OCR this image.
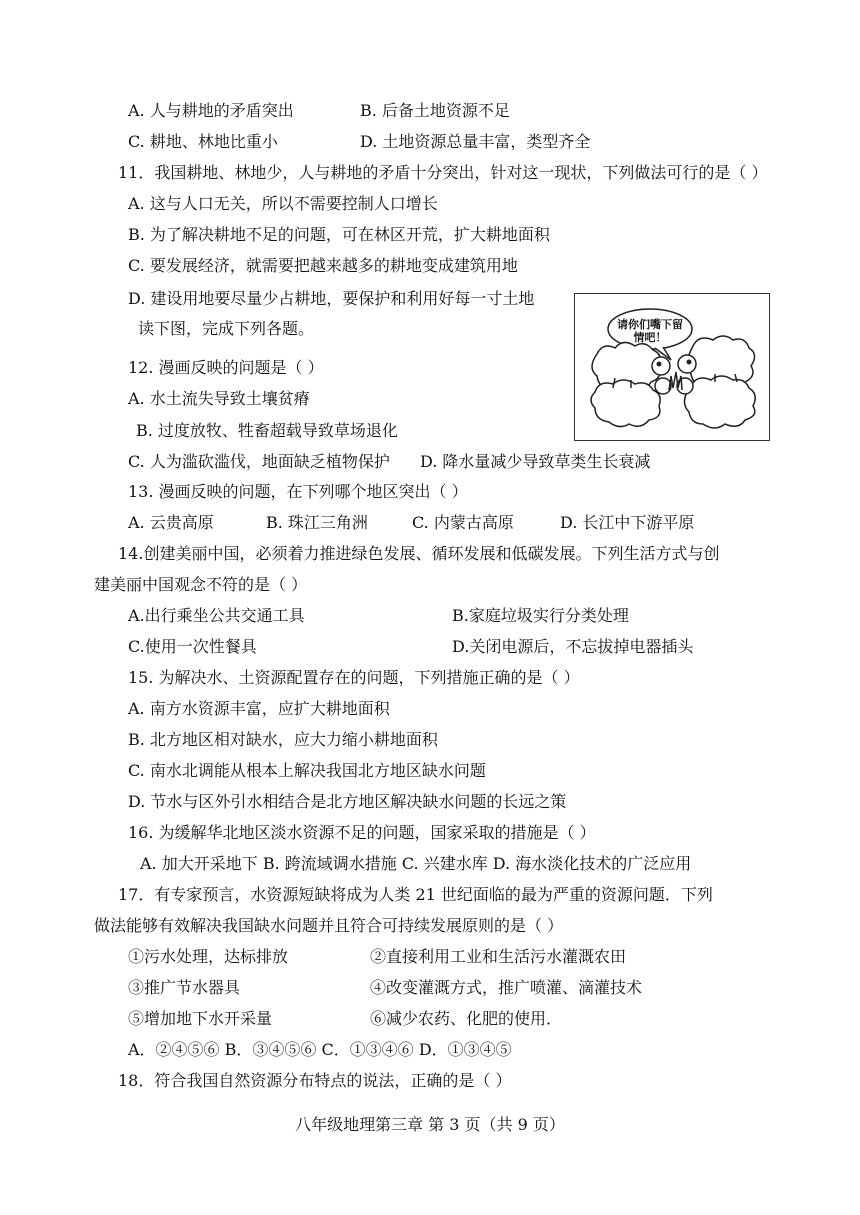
A. 人与耕地的矛盾突出	B. 后备土地资源不足
C. 耕地、林地比重小	D. 土地资源总量丰富，类型齐全
11．我国耕地、林地少，人与耕地的矛盾十分突出，针对这一现状，下列做法可行的是（ ）
A. 这与人口无关，所以不需要控制人口增长
B. 为了解决耕地不足的问题，可在林区开荒，扩大耕地面积
C. 要发展经济，就需要把越来越多的耕地变成建筑用地
D. 建设用地要尽量少占耕地，要保护和利用好每一寸土地
读下图，完成下列各题。	请你们嘴下留情吧！
12. 漫画反映的问题是（ ）
A. 水土流失导致土壤贫瘠
B. 过度放牧、牲畜超载导致草场退化
C. 人为滥砍滥伐，地面缺乏植物保护 D. 降水量减少导致草类生长衰减
13. 漫画反映的问题，在下列哪个地区突出（ ）
A. 云贵高原	B. 珠江三角洲	C. 内蒙古高原	D. 长江中下游平原
14.创建美丽中国，必须着力推进绿色发展、循环发展和低碳发展。下列生活方式与创
建美丽中国观念不符的是（ ）
A.出行乘坐公共交通工具	B.家庭垃圾实行分类处理
C.使用一次性餐具	D.关闭电源后，不忘拔掉电器插头
15. 为解决水、土资源配置存在的问题，下列措施正确的是（ ）
A. 南方水资源丰富，应扩大耕地面积
B. 北方地区相对缺水，应大力缩小耕地面积
C. 南水北调能从根本上解决我国北方地区缺水问题
D. 节水与区外引水相结合是北方地区解决缺水问题的长远之策
16. 为缓解华北地区淡水资源不足的问题，国家采取的措施是（ ）
A. 加大开采地下 B. 跨流域调水措施 C. 兴建水库 D. 海水淡化技术的广泛应用
17．有专家预言，水资源短缺将成为人类 21 世纪面临的最为严重的资源问题．下列
做法能够有效解决我国缺水问题并且符合可持续发展原则的是（ ）
①污水处理，达标排放	②直接利用工业和生活污水灌溉农田
③推广节水器具	④改变灌溉方式，推广喷灌、滴灌技术
⑤增加地下水开采量	⑥减少农药、化肥的使用．
A．②④⑤⑥ B．③④⑤⑥ C．①③④⑥ D．①③④⑤
18．符合我国自然资源分布特点的说法，正确的是（ ）
八年级地理第三章 第 3 页（共 9 页）
